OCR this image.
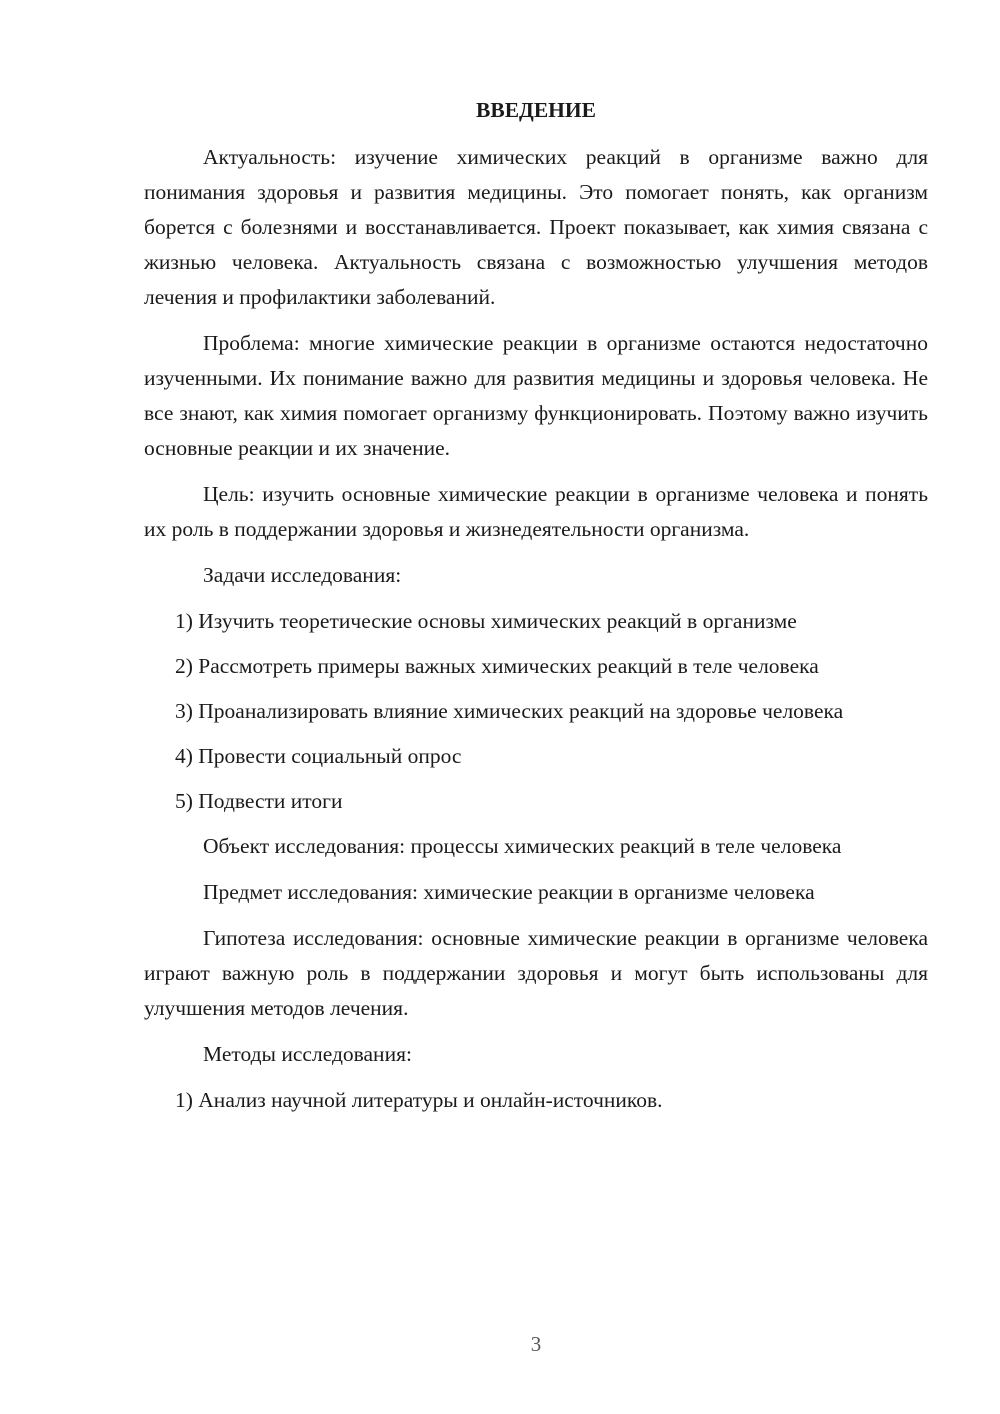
ВВЕДЕНИЕ

Актуальность: изучение химических реакций в организме важно для понимания здоровья и развития медицины. Это помогает понять, как организм борется с болезнями и восстанавливается. Проект показывает, как химия связана с жизнью человека. Актуальность связана с возможностью улучшения методов лечения и профилактики заболеваний.

Проблема: многие химические реакции в организме остаются недостаточно изученными. Их понимание важно для развития медицины и здоровья человека. Не все знают, как химия помогает организму функционировать. Поэтому важно изучить основные реакции и их значение.

Цель: изучить основные химические реакции в организме человека и понять их роль в поддержании здоровья и жизнедеятельности организма.

Задачи исследования:

1) Изучить теоретические основы химических реакций в организме

2) Рассмотреть примеры важных химических реакций в теле человека

3) Проанализировать влияние химических реакций на здоровье человека

4) Провести социальный опрос

5) Подвести итоги

Объект исследования: процессы химических реакций в теле человека

Предмет исследования: химические реакции в организме человека

Гипотеза исследования: основные химические реакции в организме человека играют важную роль в поддержании здоровья и могут быть использованы для улучшения методов лечения.

Методы исследования:

1) Анализ научной литературы и онлайн-источников.

3
